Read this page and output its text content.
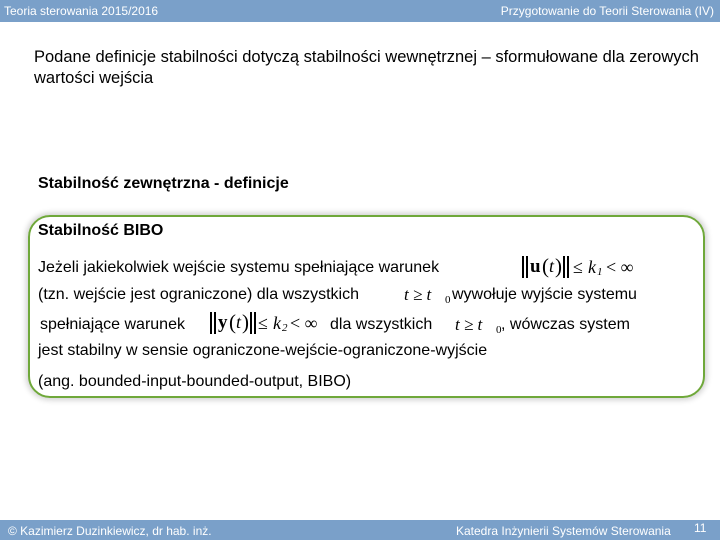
Teoria sterowania 2015/2016	Przygotowanie do Teorii Sterowania (IV)
Podane definicje stabilności dotyczą stabilności wewnętrznej – sformułowane dla zerowych wartości wejścia
Stabilność zewnętrzna - definicje
Stabilność BIBO
Jeżeli jakiekolwiek wejście systemu spełniające warunek	‖ u ( t ) ‖ ≤ k 1 < ∞
(tzn. wejście jest ograniczone) dla wszystkich	t ≥ t 0 wywołuje wyjście systemu
spełniające warunek ‖ y ( t ) ‖ ≤ k 2 < ∞ dla wszystkich t ≥ t 0 , wówczas system
jest stabilny w sensie ograniczone-wejście-ograniczone-wyjście
(ang. bounded-input-bounded-output, BIBO)
© Kazimierz Duzinkiewicz, dr hab. inż.	Katedra Inżynierii Systemów Sterowania 11
